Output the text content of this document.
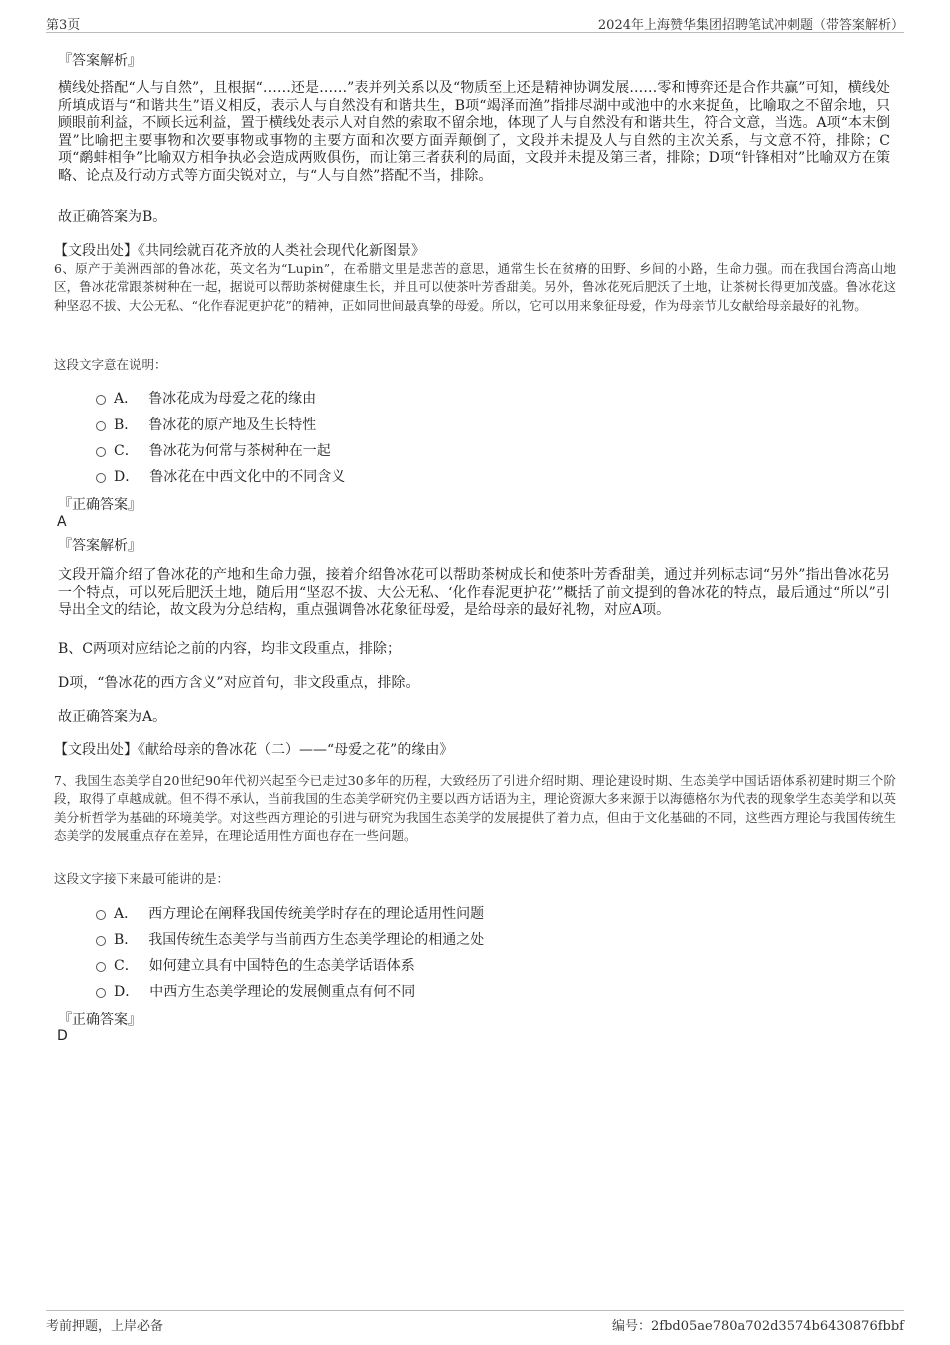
第3页	2024年上海赞华集团招聘笔试冲刺题（带答案解析）
『答案解析』

横线处搭配“人与自然”，且根据“……还是……”表并列关系以及“物质至上还是精神协调发展……零和博弈还是合作共赢”可知，横线处所填成语与“和谐共生”语义相反，表示人与自然没有和谐共生，B项“竭泽而渔”指排尽湖中或池中的水来捉鱼，比喻取之不留余地，只顾眼前利益，不顾长远利益，置于横线处表示人对自然的索取不留余地，体现了人与自然没有和谐共生，符合文意，当选。A项“本末倒置”比喻把主要事物和次要事物或事物的主要方面和次要方面弄颠倒了，文段并未提及人与自然的主次关系，与文意不符，排除；C项“鹬蚌相争”比喻双方相争执必会造成两败俱伤，而让第三者获利的局面，文段并未提及第三者，排除；D项“针锋相对”比喻双方在策略、论点及行动方式等方面尖锐对立，与“人与自然”搭配不当，排除。

故正确答案为B。
【文段出处】《共同绘就百花齐放的人类社会现代化新图景》

6、原产于美洲西部的鲁冰花，英文名为“Lupin”，在希腊文里是悲苦的意思，通常生长在贫瘠的田野、乡间的小路，生命力强。而在我国台湾高山地区，鲁冰花常跟茶树种在一起，据说可以帮助茶树健康生长，并且可以使茶叶芳香甜美。另外，鲁冰花死后肥沃了土地，让茶树长得更加茂盛。鲁冰花这种坚忍不拔、大公无私、“化作春泥更护花”的精神，正如同世间最真挚的母爱。所以，它可以用来象征母爱，作为母亲节儿女献给母亲最好的礼物。

这段文字意在说明：
A． 鲁冰花成为母爱之花的缘由
B． 鲁冰花的原产地及生长特性
C． 鲁冰花为何常与茶树种在一起
D． 鲁冰花在中西文化中的不同含义
『正确答案』
A
『答案解析』

文段开篇介绍了鲁冰花的产地和生命力强，接着介绍鲁冰花可以帮助茶树成长和使茶叶芳香甜美，通过并列标志词“另外”指出鲁冰花另一个特点，可以死后肥沃土地，随后用“坚忍不拔、大公无私、‘化作春泥更护花’”概括了前文提到的鲁冰花的特点，最后通过“所以”引导出全文的结论，故文段为分总结构，重点强调鲁冰花象征母爱，是给母亲的最好礼物，对应A项。

B、C两项对应结论之前的内容，均非文段重点，排除；
D项，“鲁冰花的西方含义”对应首句，非文段重点，排除。
故正确答案为A。
【文段出处】《献给母亲的鲁冰花（二）——“母爱之花”的缘由》

7、我国生态美学自20世纪90年代初兴起至今已走过30多年的历程，大致经历了引进介绍时期、理论建设时期、生态美学中国话语体系初建时期三个阶段，取得了卓越成就。但不得不承认，当前我国的生态美学研究仍主要以西方话语为主，理论资源大多来源于以海德格尔为代表的现象学生态美学和以英美分析哲学为基础的环境美学。对这些西方理论的引进与研究为我国生态美学的发展提供了着力点，但由于文化基础的不同，这些西方理论与我国传统生态美学的发展重点存在差异，在理论适用性方面也存在一些问题。

这段文字接下来最可能讲的是：
A． 西方理论在阐释我国传统美学时存在的理论适用性问题
B． 我国传统生态美学与当前西方生态美学理论的相通之处
C． 如何建立具有中国特色的生态美学话语体系
D． 中西方生态美学理论的发展侧重点有何不同
『正确答案』
D
考前押题，上岸必备	编号：2fbd05ae780a702d3574b6430876fbbf
